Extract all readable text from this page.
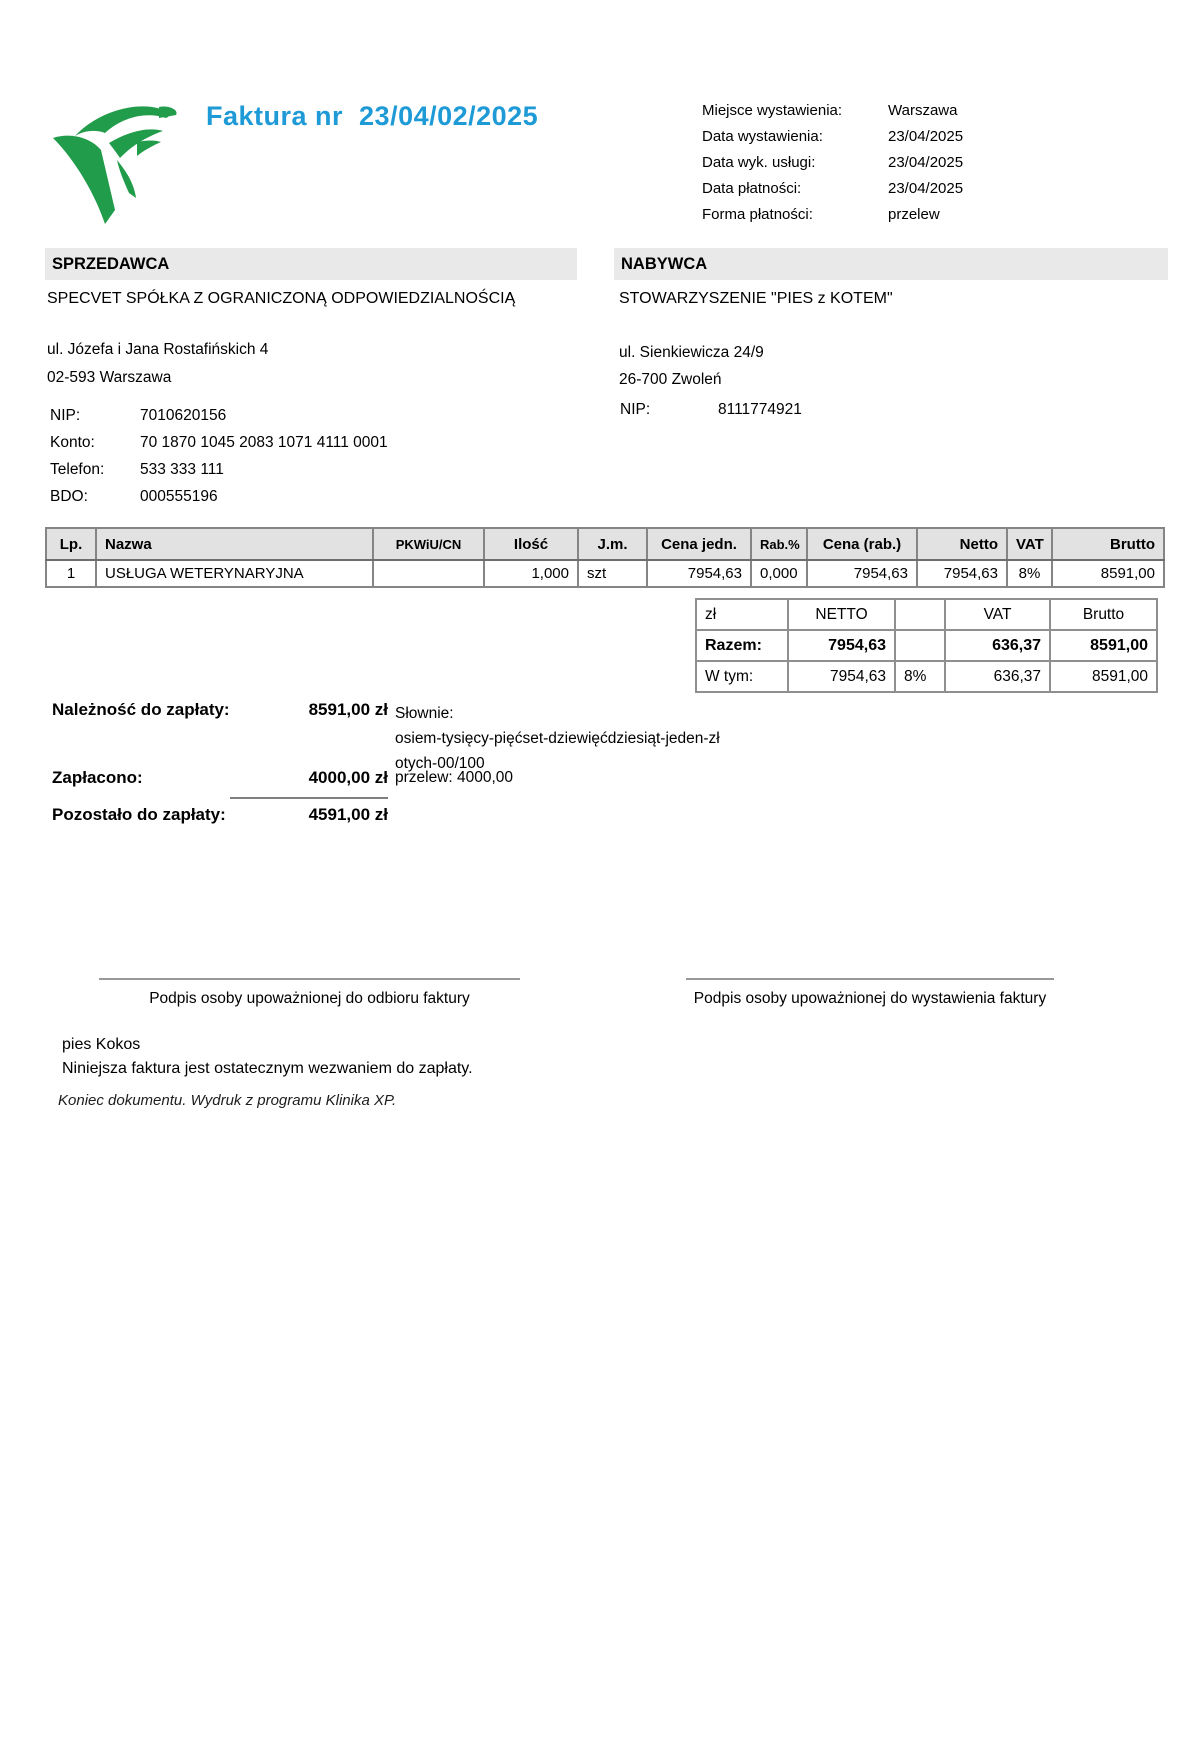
Faktura nr  23/04/02/2025	Miejsce wystawienia:	Warszawa
Data wystawienia:	23/04/2025
Data wyk. usługi:	23/04/2025
Data płatności:	23/04/2025
Forma płatności:	przelew
SPRZEDAWCA	NABYWCA
SPECVET SPÓŁKA Z OGRANICZONĄ ODPOWIEDZIALNOŚCIĄ
ul. Józefa i Jana Rostafińskich 4
02-593 Warszawa
NIP:	7010620156
Konto:	70 1870 1045 2083 1071 4111 0001
Telefon:	533 333 111
BDO:	000555196
STOWARZYSZENIE "PIES z KOTEM"
ul. Sienkiewicza 24/9
26-700 Zwoleń
NIP:	8111774921
Lp.	Nazwa	PKWiU/CN	Ilość	J.m.	Cena jedn.	Rab.%	Cena (rab.)	Netto	VAT	Brutto
1	USŁUGA WETERYNARYJNA		1,000	szt	7954,63	0,000	7954,63	7954,63	8%	8591,00
zł	NETTO		VAT	Brutto
Razem:	7954,63		636,37	8591,00
W tym:	7954,63	8%	636,37	8591,00
Należność do zapłaty:	8591,00 zł Słownie:
osiem-tysięcy-pięćset-dziewięćdziesiąt-jeden-zł
otych-00/100
Zapłacono:	4000,00 zł przelew: 4000,00
Pozostało do zapłaty:	4591,00 zł
Podpis osoby upoważnionej do odbioru faktury	Podpis osoby upoważnionej do wystawienia faktury
pies Kokos
Niniejsza faktura jest ostatecznym wezwaniem do zapłaty.
Koniec dokumentu. Wydruk z programu Klinika XP.
